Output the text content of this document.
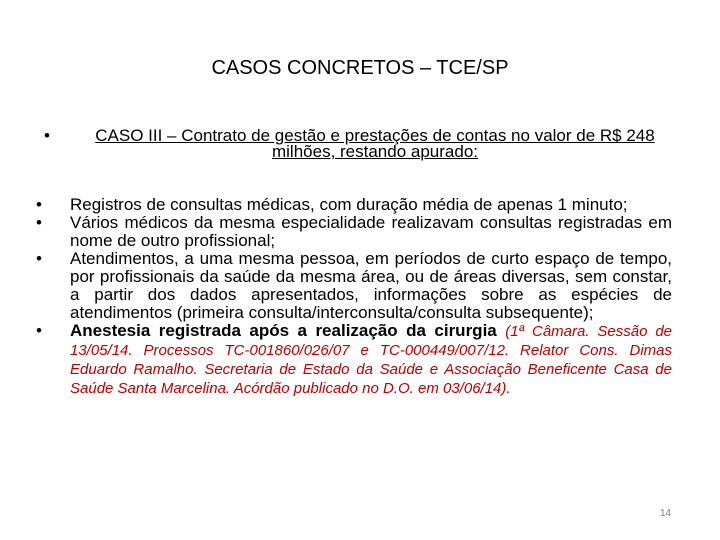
CASOS CONCRETOS – TCE/SP
•	CASO III – Contrato de gestão e prestações de contas no valor de R$ 248 milhões, restando apurado:
• Registros de consultas médicas, com duração média de apenas 1 minuto;
• Vários médicos da mesma especialidade realizavam consultas registradas em nome de outro profissional;
• Atendimentos, a uma mesma pessoa, em períodos de curto espaço de tempo, por profissionais da saúde da mesma área, ou de áreas diversas, sem constar, a partir dos dados apresentados, informações sobre as espécies de atendimentos (primeira consulta/interconsulta/consulta subsequente);
• Anestesia registrada após a realização da cirurgia (1ª Câmara. Sessão de 13/05/14. Processos TC-001860/026/07 e TC-000449/007/12. Relator Cons. Dimas Eduardo Ramalho. Secretaria de Estado da Saúde e Associação Beneficente Casa de Saúde Santa Marcelina. Acórdão publicado no D.O. em 03/06/14).
14
